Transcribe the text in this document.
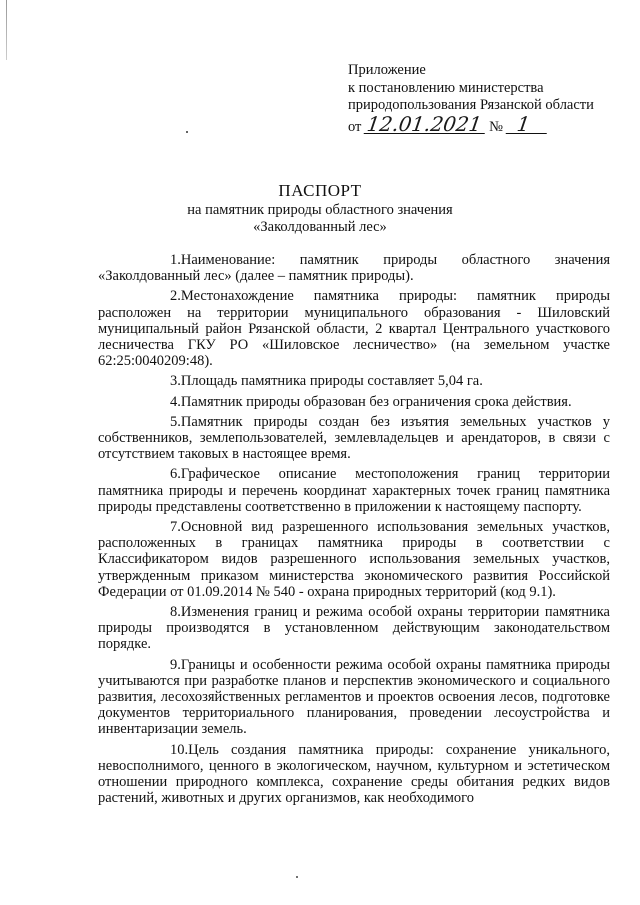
Приложение
к постановлению министерства
природопользования Рязанской области
от 12.01.2021 № 1
ПАСПОРТ
на памятник природы областного значения
«Заколдованный лес»

1.Наименование: памятник природы областного значения «Заколдованный лес» (далее – памятник природы).

2.Местонахождение памятника природы: памятник природы расположен на территории муниципального образования - Шиловский муниципальный район Рязанской области, 2 квартал Центрального участкового лесничества ГКУ РО «Шиловское лесничество» (на земельном участке 62:25:0040209:48).

3.Площадь памятника природы составляет 5,04 га.

4.Памятник природы образован без ограничения срока действия.

5.Памятник природы создан без изъятия земельных участков у собственников, землепользователей, землевладельцев и арендаторов, в связи с отсутствием таковых в настоящее время.

6.Графическое описание местоположения границ территории памятника природы и перечень координат характерных точек границ памятника природы представлены соответственно в приложении к настоящему паспорту.

7.Основной вид разрешенного использования земельных участков, расположенных в границах памятника природы в соответствии с Классификатором видов разрешенного использования земельных участков, утвержденным приказом министерства экономического развития Российской Федерации от 01.09.2014 № 540 - охрана природных территорий (код 9.1).

8.Изменения границ и режима особой охраны территории памятника природы производятся в установленном действующим законодательством порядке.

9.Границы и особенности режима особой охраны памятника природы учитываются при разработке планов и перспектив экономического и социального развития, лесохозяйственных регламентов и проектов освоения лесов, подготовке документов территориального планирования, проведении лесоустройства и инвентаризации земель.

10.Цель создания памятника природы: сохранение уникального, невосполнимого, ценного в экологическом, научном, культурном и эстетическом отношении природного комплекса, сохранение среды обитания редких видов растений, животных и других организмов, как необходимого
